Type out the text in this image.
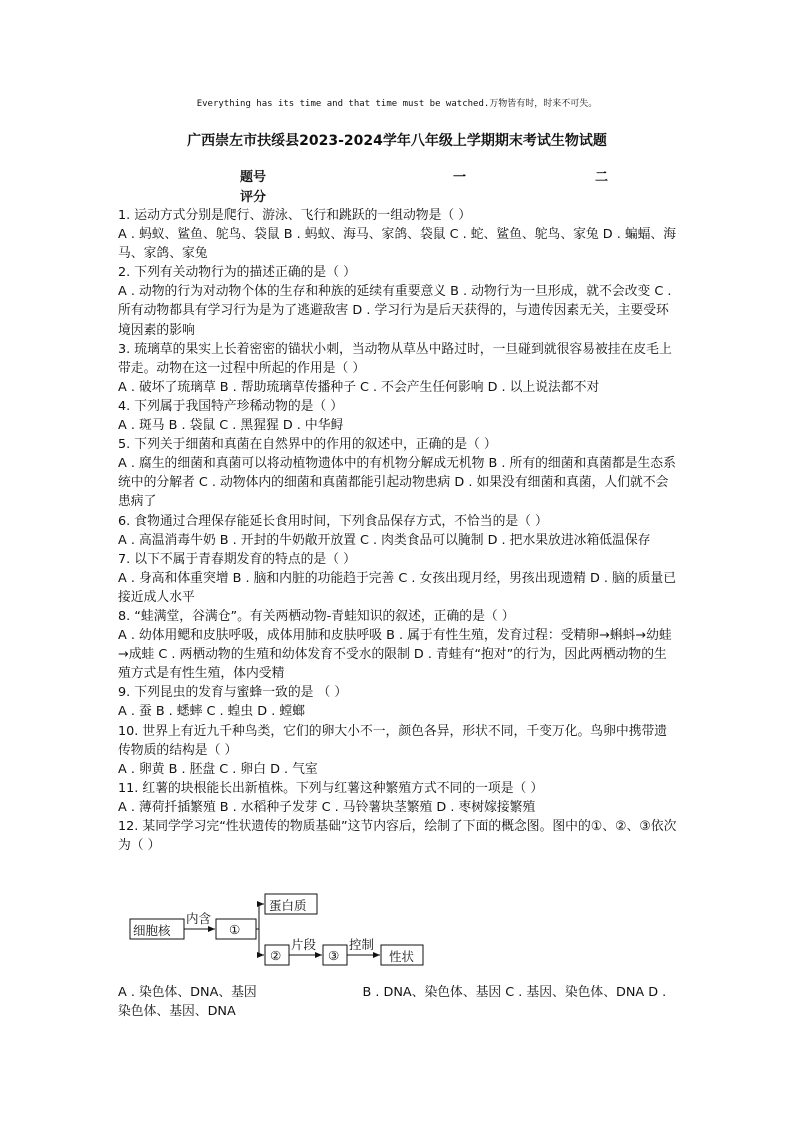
Everything has its time and that time must be watched.万物皆有时，时来不可失。
广西崇左市扶绥县2023-2024学年八年级上学期期末考试生物试题
题号	一	二
评分

1. 运动方式分别是爬行、游泳、飞行和跳跃的一组动物是（ ）

A . 蚂蚁、鲨鱼、鸵鸟、袋鼠 B . 蚂蚁、海马、家鸽、袋鼠 C . 蛇、鲨鱼、鸵鸟、家兔 D . 蝙蝠、海马、家鸽、家兔

2. 下列有关动物行为的描述正确的是（ ）

A . 动物的行为对动物个体的生存和种族的延续有重要意义 B . 动物行为一旦形成，就不会改变 C . 所有动物都具有学习行为是为了逃避敌害 D . 学习行为是后天获得的，与遗传因素无关，主要受环境因素的影响

3. 琉璃草的果实上长着密密的锚状小刺，当动物从草丛中路过时，一旦碰到就很容易被挂在皮毛上带走。动物在这一过程中所起的作用是（ ）

A . 破坏了琉璃草 B . 帮助琉璃草传播种子 C . 不会产生任何影响 D . 以上说法都不对

4. 下列属于我国特产珍稀动物的是（ ）

A . 斑马 B . 袋鼠 C . 黑猩猩 D . 中华鲟

5. 下列关于细菌和真菌在自然界中的作用的叙述中，正确的是（ ）

A . 腐生的细菌和真菌可以将动植物遗体中的有机物分解成无机物 B . 所有的细菌和真菌都是生态系统中的分解者 C . 动物体内的细菌和真菌都能引起动物患病 D . 如果没有细菌和真菌，人们就不会患病了

6. 食物通过合理保存能延长食用时间，下列食品保存方式，不恰当的是（ ）

A . 高温消毒牛奶 B . 开封的牛奶敞开放置 C . 肉类食品可以腌制 D . 把水果放进冰箱低温保存

7. 以下不属于青春期发育的特点的是（ ）

A . 身高和体重突增 B . 脑和内脏的功能趋于完善 C . 女孩出现月经，男孩出现遗精 D . 脑的质量已接近成人水平

8. “蛙满堂，谷满仓”。有关两栖动物-青蛙知识的叙述，正确的是（ ）

A . 幼体用鳃和皮肤呼吸，成体用肺和皮肤呼吸 B . 属于有性生殖，发育过程：受精卵→蝌蚪→幼蛙→成蛙 C . 两栖动物的生殖和幼体发育不受水的限制 D . 青蛙有“抱对”的行为，因此两栖动物的生殖方式是有性生殖，体内受精

9. 下列昆虫的发育与蜜蜂一致的是 （ ）

A . 蚕 B . 蟋蟀 C . 蝗虫 D . 螳螂

10. 世界上有近九千种鸟类，它们的卵大小不一，颜色各异，形状不同，千变万化。鸟卵中携带遗传物质的结构是（ ）

A . 卵黄 B . 胚盘 C . 卵白 D . 气室

11. 红薯的块根能长出新植株。下列与红薯这种繁殖方式不同的一项是（ ）

A . 薄荷扦插繁殖 B . 水稻种子发芽 C . 马铃薯块茎繁殖 D . 枣树嫁接繁殖

12. 某同学学习完“性状遗传的物质基础”这节内容后，绘制了下面的概念图。图中的①、②、③依次为（ ）

细胞核
内含
①
蛋白质
②
片段
③
控制
性状

A . 染色体、DNA、基因                          B . DNA、染色体、基因 C . 基因、染色体、DNA D . 染色体、基因、DNA
